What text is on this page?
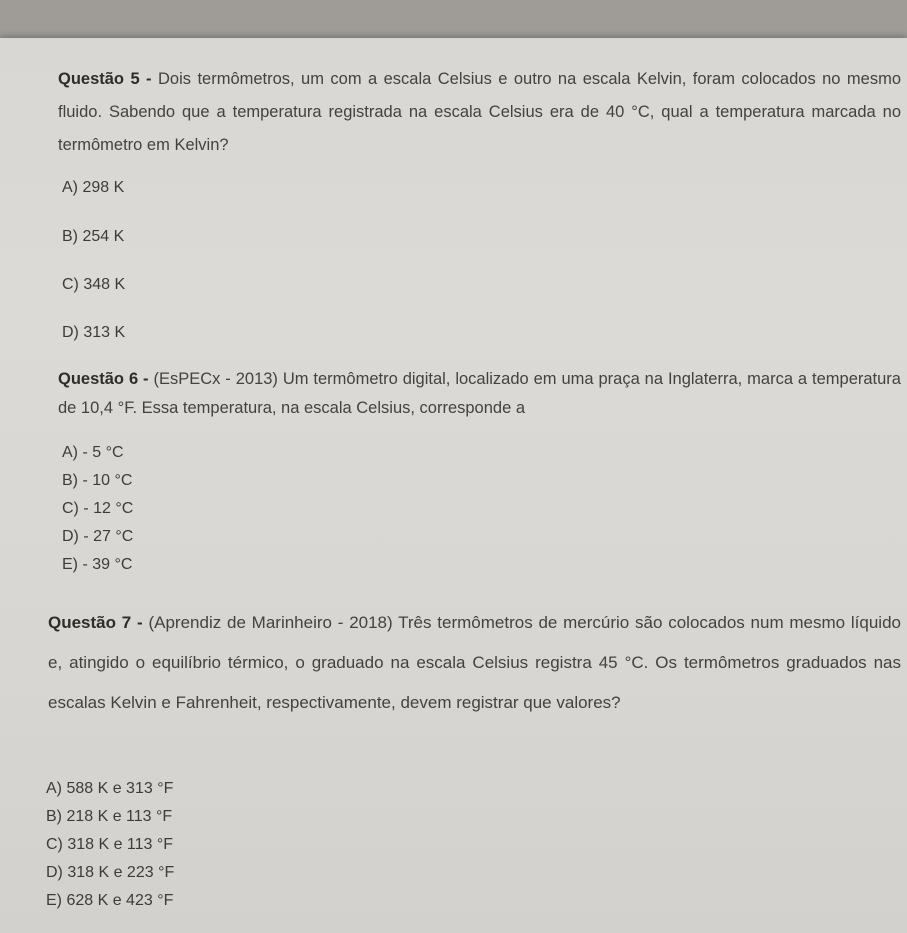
Questão 5 - Dois termômetros, um com a escala Celsius e outro na escala Kelvin, foram colocados no mesmo fluido. Sabendo que a temperatura registrada na escala Celsius era de 40 °C, qual a temperatura marcada no termômetro em Kelvin?
A) 298 K
B) 254 K
C) 348 K
D) 313 K
Questão 6 - (EsPECx - 2013) Um termômetro digital, localizado em uma praça na Inglaterra, marca a temperatura de 10,4 °F. Essa temperatura, na escala Celsius, corresponde a
A) - 5 °C
B) - 10 °C
C) - 12 °C
D) - 27 °C
E) - 39 °C
Questão 7 - (Aprendiz de Marinheiro - 2018) Três termômetros de mercúrio são colocados num mesmo líquido e, atingido o equilíbrio térmico, o graduado na escala Celsius registra 45 °C. Os termômetros graduados nas escalas Kelvin e Fahrenheit, respectivamente, devem registrar que valores?
A) 588 K e 313 °F
B) 218 K e 113 °F
C) 318 K e 113 °F
D) 318 K e 223 °F
E) 628 K e 423 °F
